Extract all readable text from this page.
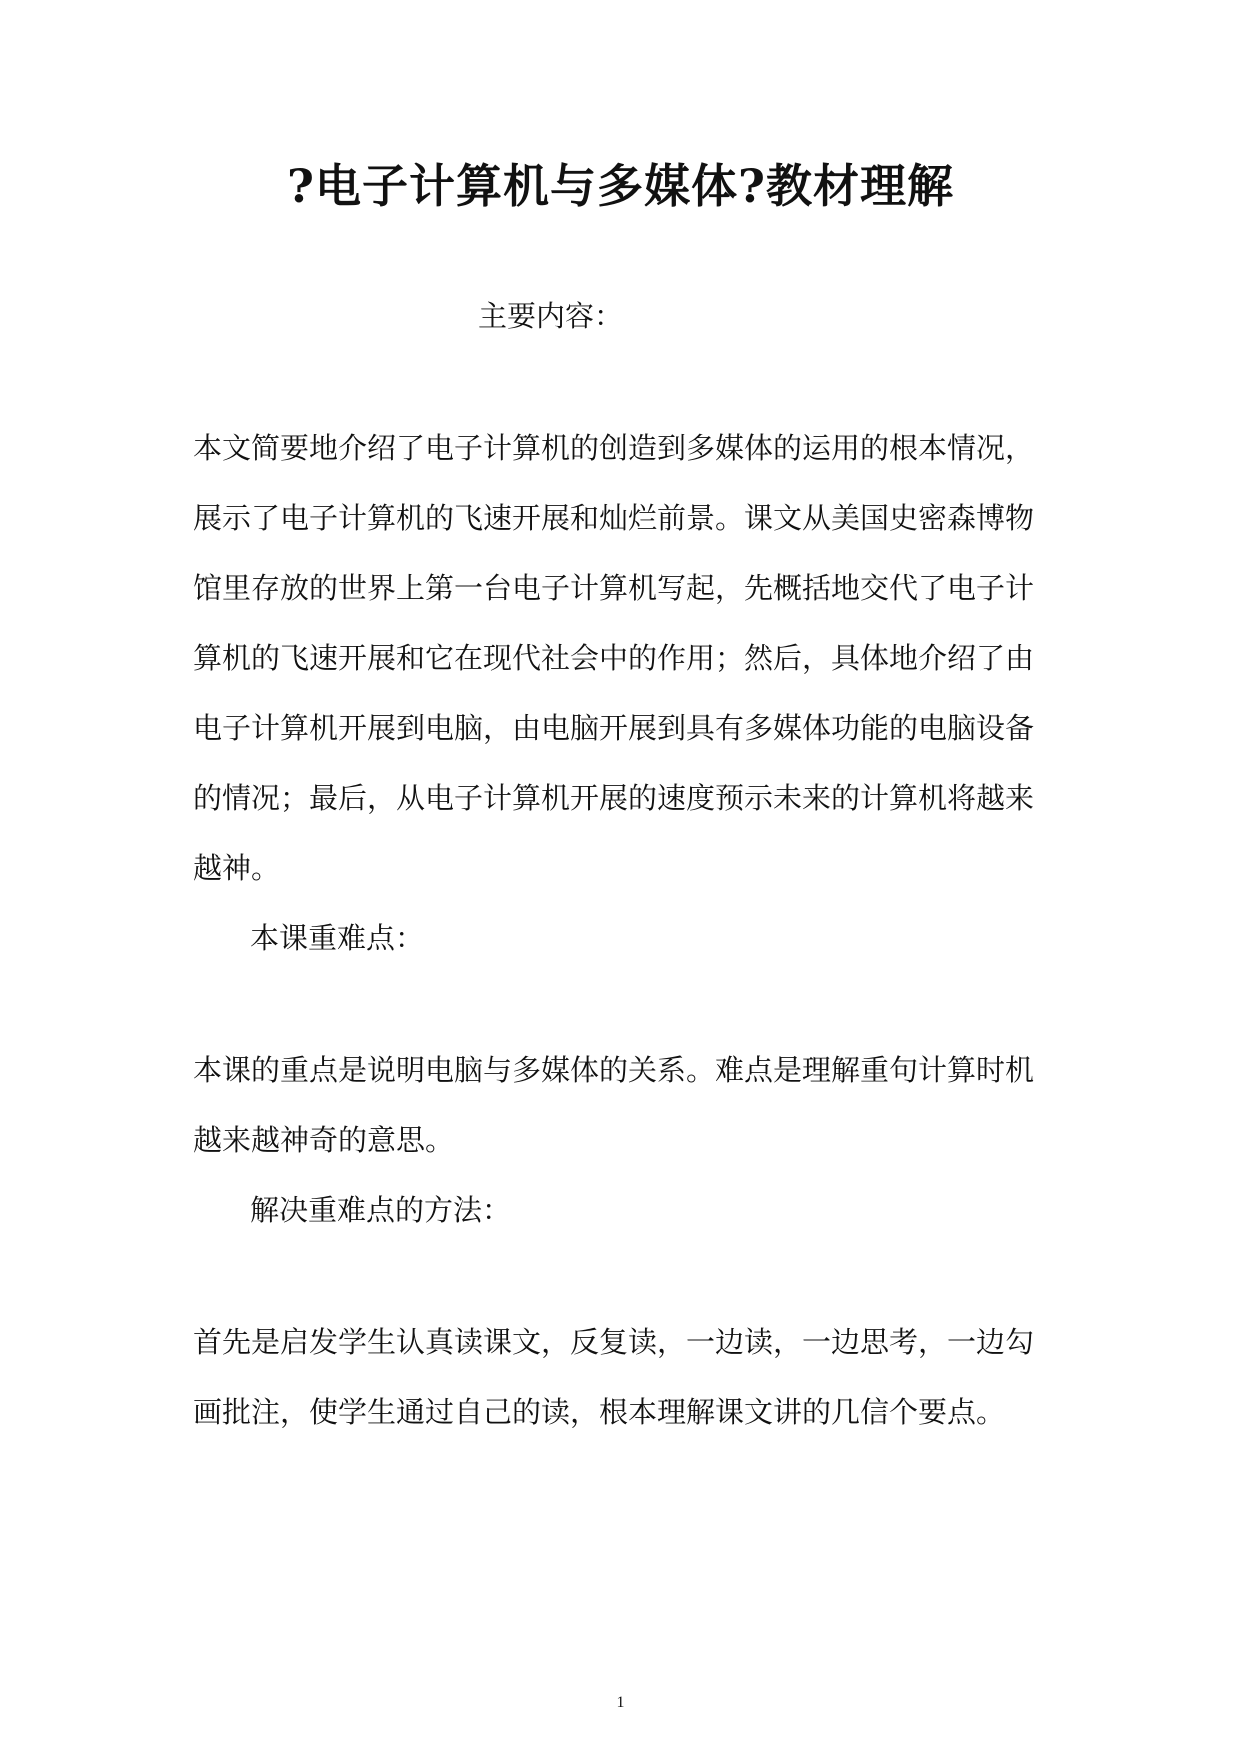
?电子计算机与多媒体?教材理解
主要内容：
本文简要地介绍了电子计算机的创造到多媒体的运用的根本情况，
展示了电子计算机的飞速开展和灿烂前景。课文从美国史密森博物
馆里存放的世界上第一台电子计算机写起，先概括地交代了电子计
算机的飞速开展和它在现代社会中的作用；然后，具体地介绍了由
电子计算机开展到电脑，由电脑开展到具有多媒体功能的电脑设备
的情况；最后，从电子计算机开展的速度预示未来的计算机将越来
越神。
本课重难点：
本课的重点是说明电脑与多媒体的关系。难点是理解重句计算时机
越来越神奇的意思。
解决重难点的方法：
首先是启发学生认真读课文，反复读，一边读，一边思考，一边勾
画批注，使学生通过自己的读，根本理解课文讲的几信个要点。
1
